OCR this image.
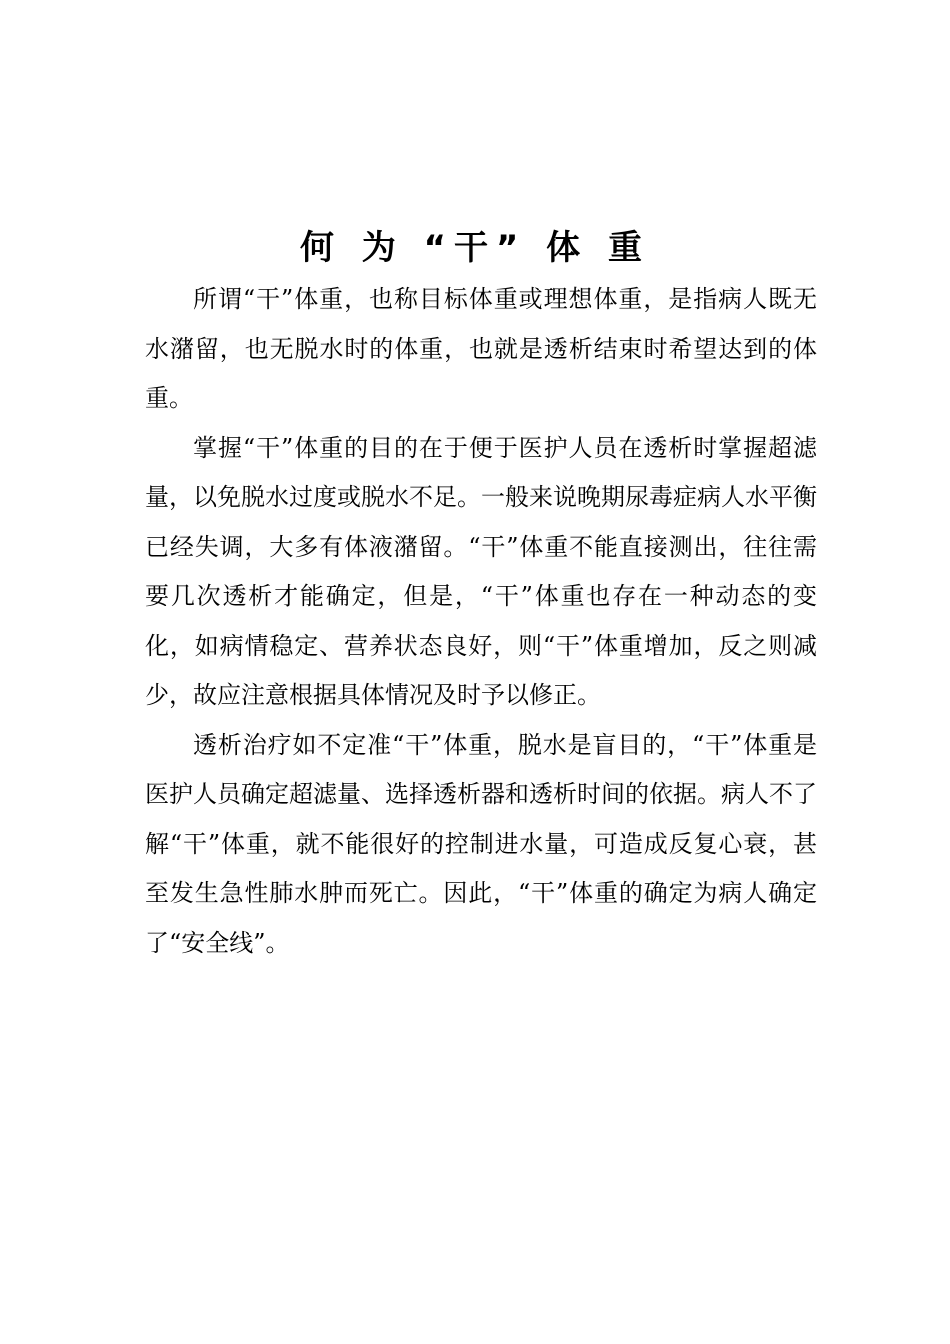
何 为 “干” 体 重

所谓“干”体重，也称目标体重或理想体重，是指病人既无水潴留，也无脱水时的体重，也就是透析结束时希望达到的体重。

掌握“干”体重的目的在于便于医护人员在透析时掌握超滤量，以免脱水过度或脱水不足。一般来说晚期尿毒症病人水平衡已经失调，大多有体液潴留。“干”体重不能直接测出，往往需要几次透析才能确定，但是，“干”体重也存在一种动态的变化，如病情稳定、营养状态良好，则“干”体重增加，反之则减少，故应注意根据具体情况及时予以修正。

透析治疗如不定准“干”体重，脱水是盲目的，“干”体重是医护人员确定超滤量、选择透析器和透析时间的依据。病人不了解“干”体重，就不能很好的控制进水量，可造成反复心衰，甚至发生急性肺水肿而死亡。因此，“干”体重的确定为病人确定了“安全线”。
